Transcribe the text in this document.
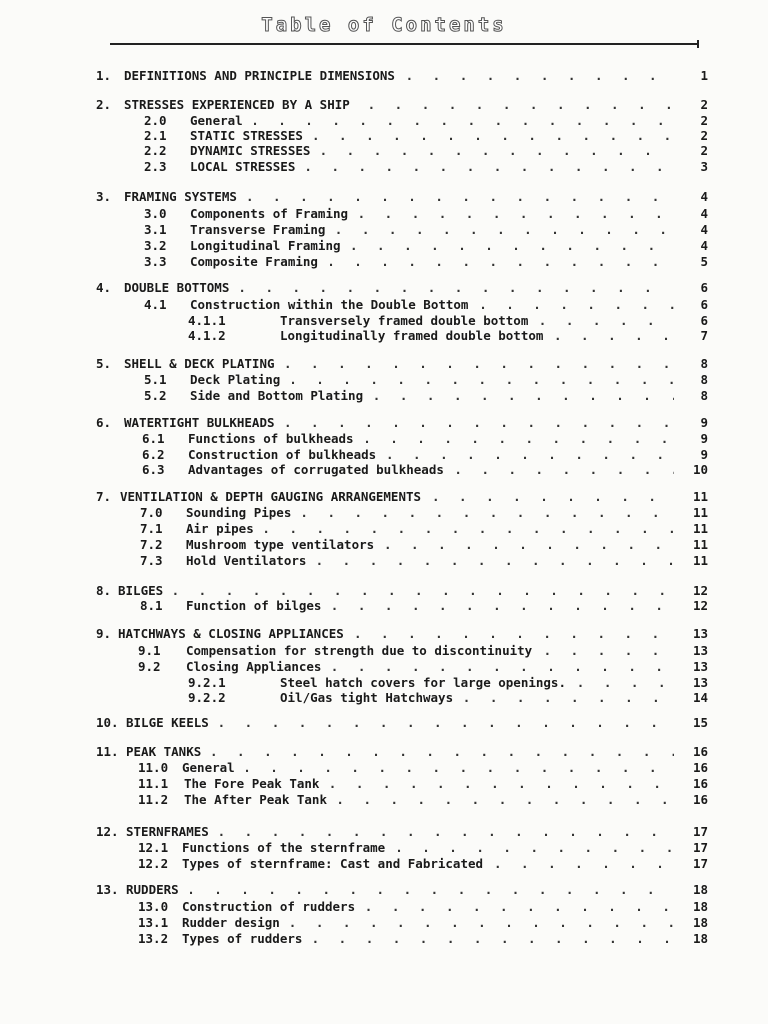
Table of Contents
1. DEFINITIONS AND PRINCIPLE DIMENSIONS . . .	1
2. STRESSES EXPERIENCED BY A SHIP . . .	2
2.0 General . . .	2
2.1 STATIC STRESSES . . .	2
2.2 DYNAMIC STRESSES . . .	2
2.3 LOCAL STRESSES . . .	3
3. FRAMING SYSTEMS . . .	4
3.0 Components of Framing . . .	4
3.1 Transverse Framing . . .	4
3.2 Longitudinal Framing . . .	4
3.3 Composite Framing . . .	5
4. DOUBLE BOTTOMS . . .	6
4.1 Construction within the Double Bottom . . .	6
4.1.1	Transversely framed double bottom . . .	6
4.1.2	Longitudinally framed double bottom . . .	7
5. SHELL & DECK PLATING . . .	8
5.1 Deck Plating . . .	8
5.2 Side and Bottom Plating . . .	8
6. WATERTIGHT BULKHEADS . . .	9
6.1 Functions of bulkheads . . .	9
6.2 Construction of bulkheads . . .	9
6.3 Advantages of corrugated bulkheads . . .	10
7. VENTILATION & DEPTH GAUGING ARRANGEMENTS . . .	11
7.0 Sounding Pipes . . .	11
7.1 Air pipes . . .	11
7.2 Mushroom type ventilators . . .	11
7.3 Hold Ventilators . . .	11
8. BILGES . . .	12
8.1 Function of bilges . . .	12
9. HATCHWAYS & CLOSING APPLIANCES . . .	13
9.1 Compensation for strength due to discontinuity . . .	13
9.2 Closing Appliances . . .	13
9.2.1	Steel hatch covers for large openings. . . .	13
9.2.2	Oil/Gas tight Hatchways . . .	14
10. BILGE KEELS . . .	15
11. PEAK TANKS . . .	16
11.0 General . . .	16
11.1 The Fore Peak Tank . . .	16
11.2 The After Peak Tank . . .	16
12. STERNFRAMES . . .	17
12.1 Functions of the sternframe . . .	17
12.2 Types of sternframe: Cast and Fabricated . . .	17
13. RUDDERS . . .	18
13.0 Construction of rudders . . .	18
13.1 Rudder design . . .	18
13.2 Types of rudders . . .	18
